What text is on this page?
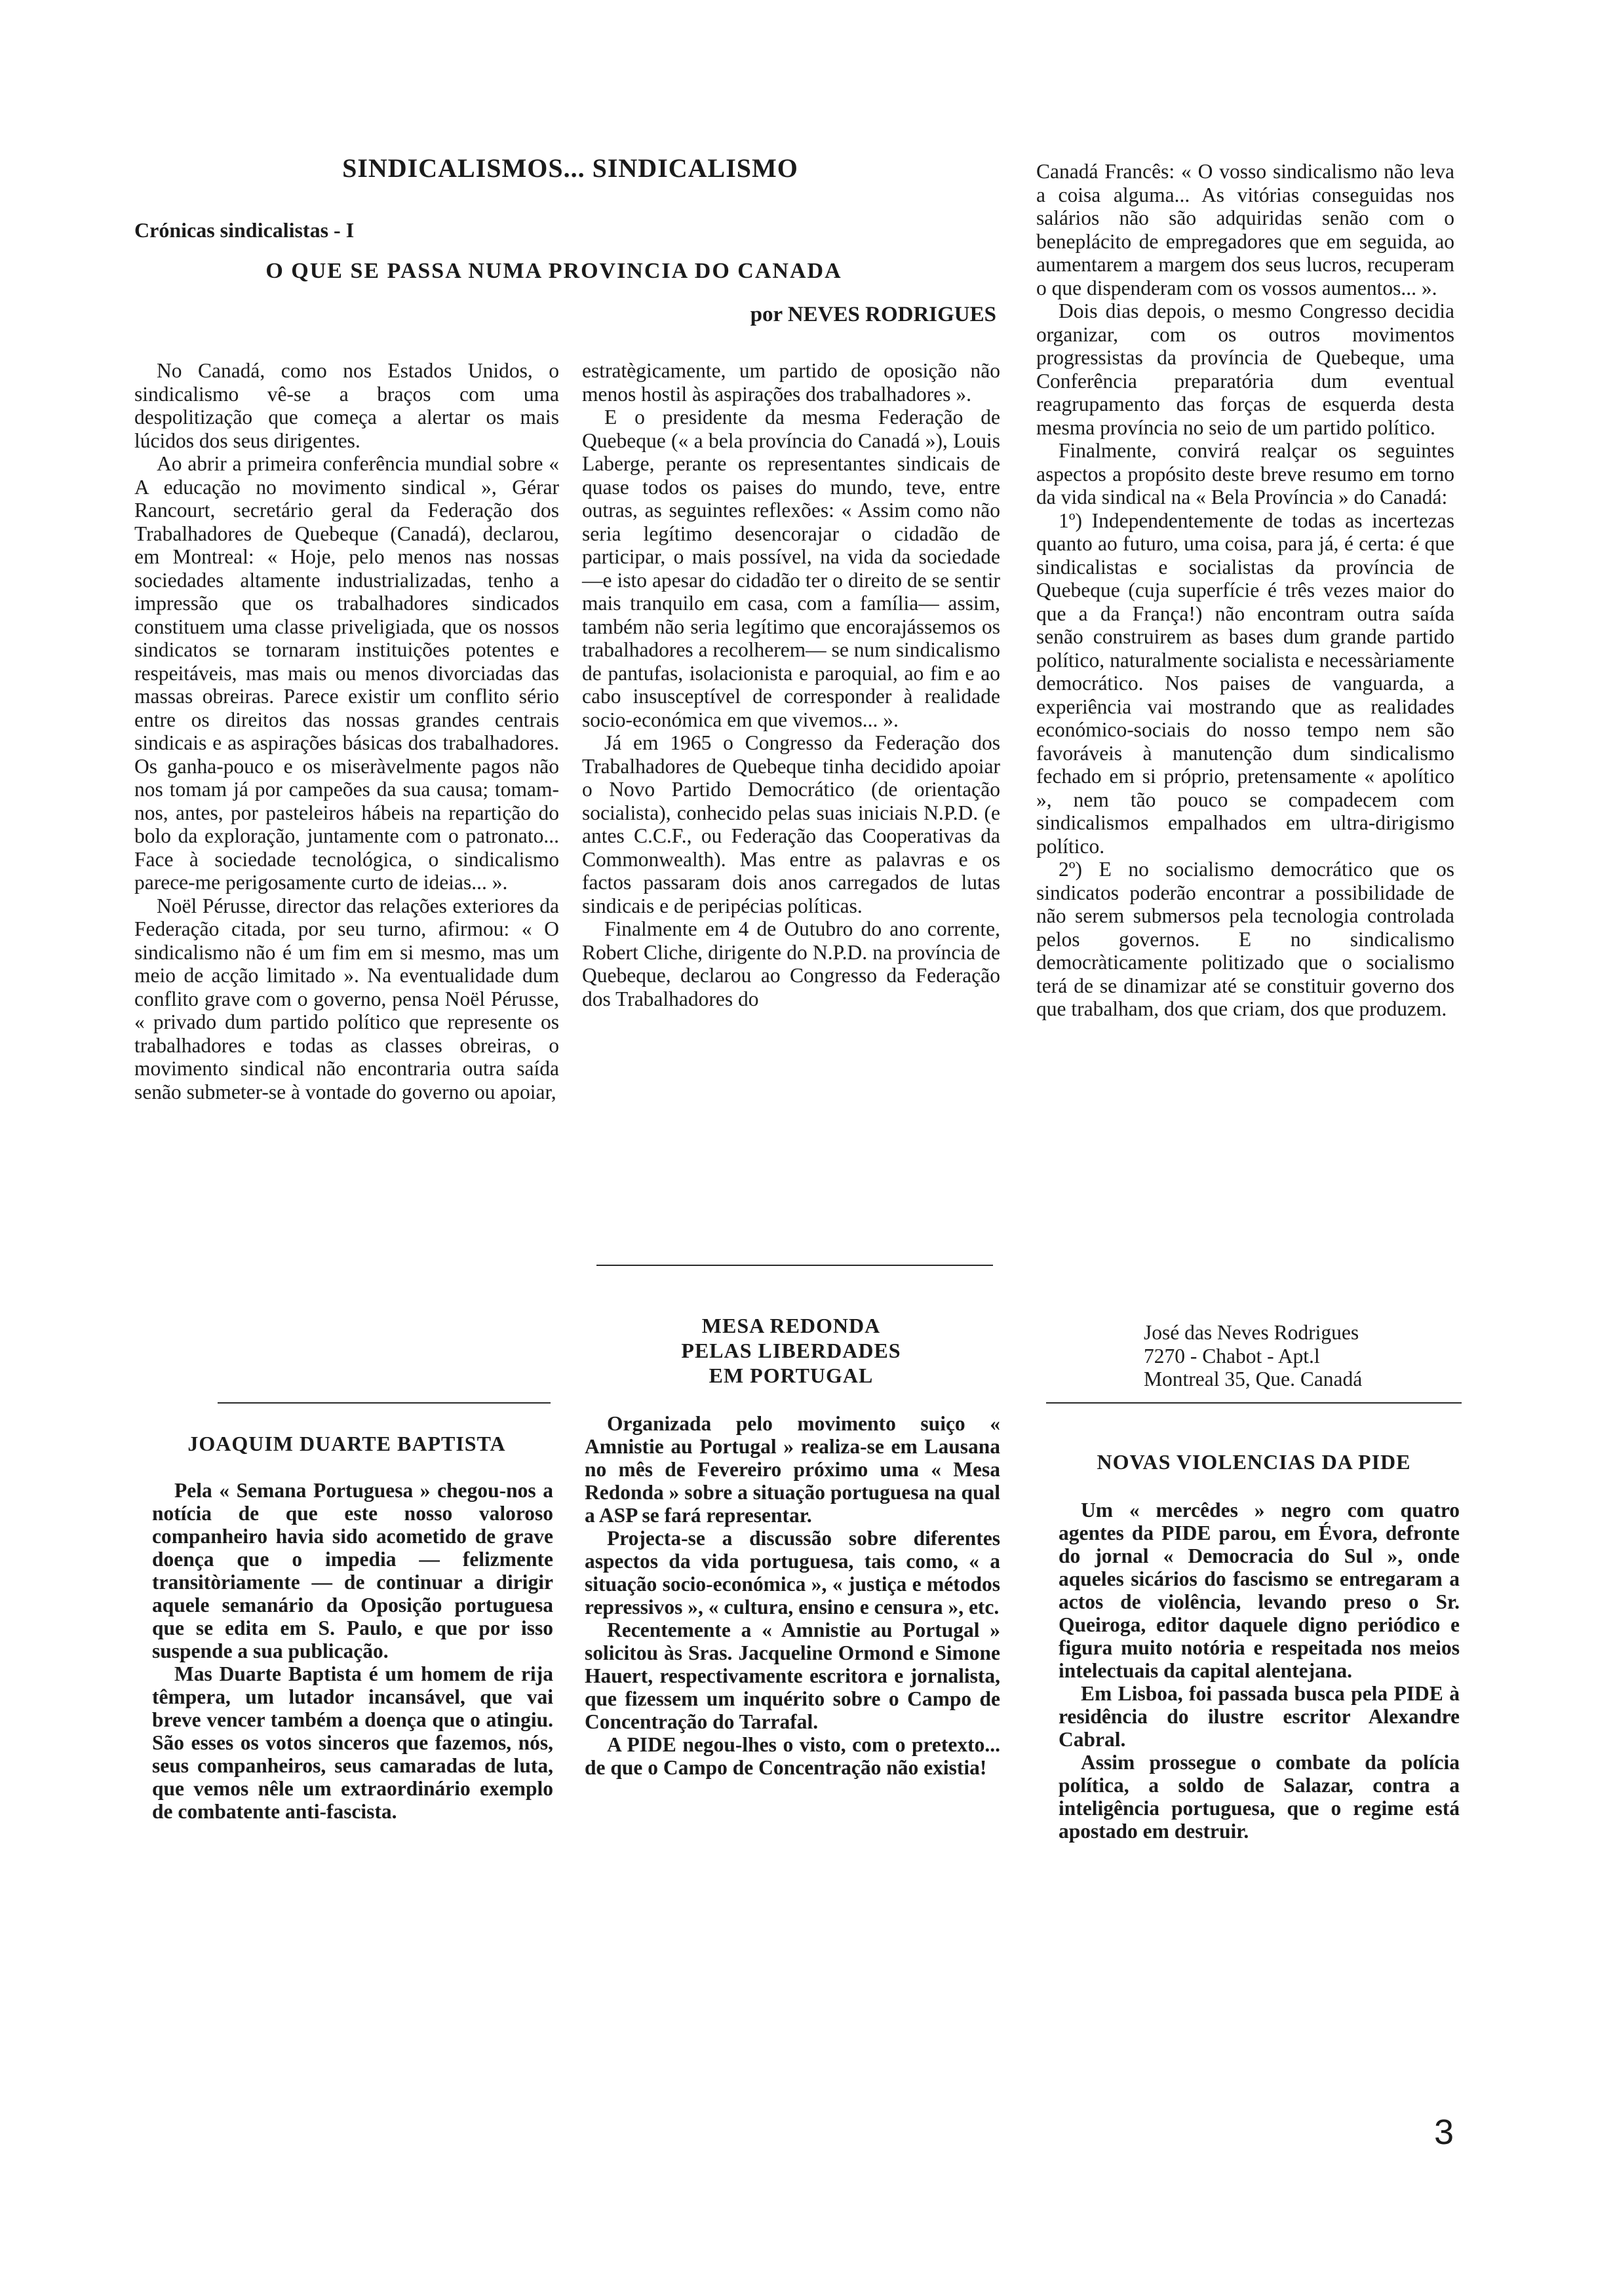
SINDICALISMOS... SINDICALISMO
Crónicas sindicalistas - I
O QUE SE PASSA NUMA PROVINCIA DO CANADA
por NEVES RODRIGUES

No Canadá, como nos Estados Unidos, o sindicalismo vê-se a braços com uma despolitização que começa a alertar os mais lúcidos dos seus dirigentes.

Ao abrir a primeira conferência mundial sobre « A educação no movimento sindical », Gérar Rancourt, secretário geral da Federação dos Trabalhadores de Quebeque (Canadá), declarou, em Montreal: « Hoje, pelo menos nas nossas sociedades altamente industrializadas, tenho a impressão que os trabalhadores sindicados constituem uma classe priveligiada, que os nossos sindicatos se tornaram instituições potentes e respeitáveis, mas mais ou menos divorciadas das massas obreiras. Parece existir um conflito sério entre os direitos das nossas grandes centrais sindicais e as aspirações básicas dos trabalhadores. Os ganha-pouco e os miseràvelmente pagos não nos tomam já por campeões da sua causa; tomam-nos, antes, por pasteleiros hábeis na repartição do bolo da exploração, juntamente com o patronato... Face à sociedade tecnológica, o sindicalismo parece-me perigosamente curto de ideias... ».

Noël Pérusse, director das relações exteriores da Federação citada, por seu turno, afirmou: « O sindicalismo não é um fim em si mesmo, mas um meio de acção limitado ». Na eventualidade dum conflito grave com o governo, pensa Noël Pérusse, « privado dum partido político que represente os trabalhadores e todas as classes obreiras, o movimento sindical não encontraria outra saída senão submeter-se à vontade do governo ou apoiar,

estratègicamente, um partido de oposição não menos hostil às aspirações dos trabalhadores ».

E o presidente da mesma Federação de Quebeque (« a bela província do Canadá »), Louis Laberge, perante os representantes sindicais de quase todos os paises do mundo, teve, entre outras, as seguintes reflexões: « Assim como não seria legítimo desencorajar o cidadão de participar, o mais possível, na vida da sociedade —e isto apesar do cidadão ter o direito de se sentir mais tranquilo em casa, com a família— assim, também não seria legítimo que encorajássemos os trabalhadores a recolherem— se num sindicalismo de pantufas, isolacionista e paroquial, ao fim e ao cabo insusceptível de corresponder à realidade socio-económica em que vivemos... ».

Já em 1965 o Congresso da Federação dos Trabalhadores de Quebeque tinha decidido apoiar o Novo Partido Democrático (de orientação socialista), conhecido pelas suas iniciais N.P.D. (e antes C.C.F., ou Federação das Cooperativas da Commonwealth). Mas entre as palavras e os factos passaram dois anos carregados de lutas sindicais e de peripécias políticas.

Finalmente em 4 de Outubro do ano corrente, Robert Cliche, dirigente do N.P.D. na província de Quebeque, declarou ao Congresso da Federação dos Trabalhadores do

Canadá Francês: « O vosso sindicalismo não leva a coisa alguma... As vitórias conseguidas nos salários não são adquiridas senão com o beneplácito de empregadores que em seguida, ao aumentarem a margem dos seus lucros, recuperam o que dispenderam com os vossos aumentos... ».

Dois dias depois, o mesmo Congresso decidia organizar, com os outros movimentos progressistas da província de Quebeque, uma Conferência preparatória dum eventual reagrupamento das forças de esquerda desta mesma província no seio de um partido político.

Finalmente, convirá realçar os seguintes aspectos a propósito deste breve resumo em torno da vida sindical na « Bela Província » do Canadá:

1º) Independentemente de todas as incertezas quanto ao futuro, uma coisa, para já, é certa: é que sindicalistas e socialistas da província de Quebeque (cuja superfície é três vezes maior do que a da França!) não encontram outra saída senão construirem as bases dum grande partido político, naturalmente socialista e necessàriamente democrático. Nos paises de vanguarda, a experiência vai mostrando que as realidades económico-sociais do nosso tempo nem são favoráveis à manutenção dum sindicalismo fechado em si próprio, pretensamente « apolítico », nem tão pouco se compadecem com sindicalismos empalhados em ultra-dirigismo político.

2º) E no socialismo democrático que os sindicatos poderão encontrar a possibilidade de não serem submersos pela tecnologia controlada pelos governos. E no sindicalismo democràticamente politizado que o socialismo terá de se dinamizar até se constituir governo dos que trabalham, dos que criam, dos que produzem.

José das Neves Rodrigues
7270 - Chabot - Apt.l
Montreal 35, Que. Canadá
JOAQUIM DUARTE BAPTISTA

Pela « Semana Portuguesa » chegou-nos a notícia de que este nosso valoroso companheiro havia sido acometido de grave doença que o impedia — felizmente transitòriamente — de continuar a dirigir aquele semanário da Oposição portuguesa que se edita em S. Paulo, e que por isso suspende a sua publicação.

Mas Duarte Baptista é um homem de rija têmpera, um lutador incansável, que vai breve vencer também a doença que o atingiu. São esses os votos sinceros que fazemos, nós, seus companheiros, seus camaradas de luta, que vemos nêle um extraordinário exemplo de combatente anti-fascista.

MESA REDONDA
PELAS LIBERDADES
EM PORTUGAL

Organizada pelo movimento suiço « Amnistie au Portugal » realiza-se em Lausana no mês de Fevereiro próximo uma « Mesa Redonda » sobre a situação portuguesa na qual a ASP se fará representar.

Projecta-se a discussão sobre diferentes aspectos da vida portuguesa, tais como, « a situação socio-económica », « justiça e métodos repressivos », « cultura, ensino e censura », etc.

Recentemente a « Amnistie au Portugal » solicitou às Sras. Jacqueline Ormond e Simone Hauert, respectivamente escritora e jornalista, que fizessem um inquérito sobre o Campo de Concentração do Tarrafal.

A PIDE negou-lhes o visto, com o pretexto... de que o Campo de Concentração não existia!

NOVAS VIOLENCIAS DA PIDE

Um « mercêdes » negro com quatro agentes da PIDE parou, em Évora, defronte do jornal « Democracia do Sul », onde aqueles sicários do fascismo se entregaram a actos de violência, levando preso o Sr. Queiroga, editor daquele digno periódico e figura muito notória e respeitada nos meios intelectuais da capital alentejana.

Em Lisboa, foi passada busca pela PIDE à residência do ilustre escritor Alexandre Cabral.

Assim prossegue o combate da polícia política, a soldo de Salazar, contra a inteligência portuguesa, que o regime está apostado em destruir.

3
